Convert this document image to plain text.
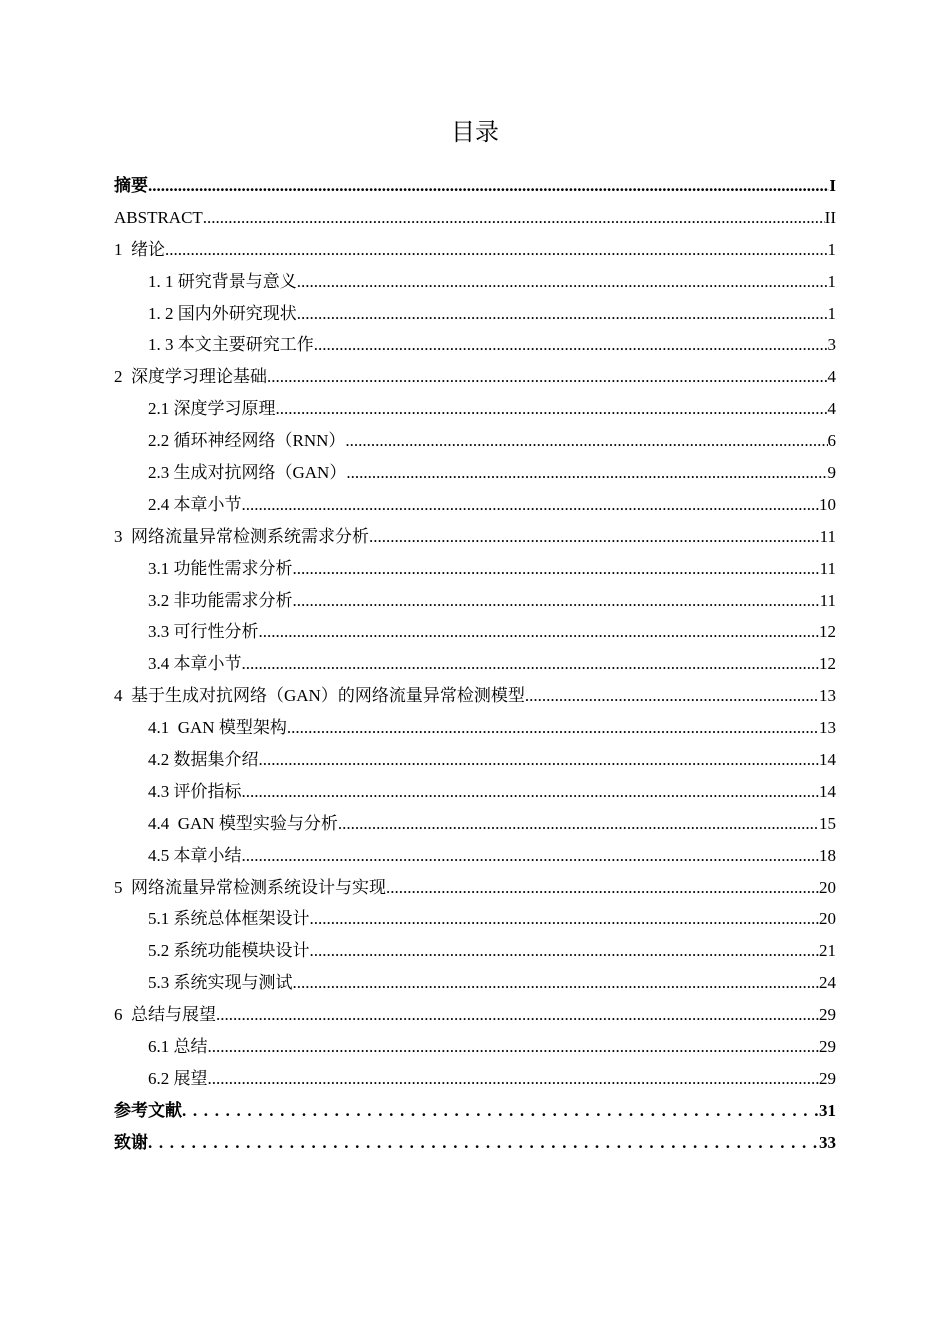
目录
摘要 .....	I
ABSTRACT .....	II
1  绪论 .....	1
1. 1 研究背景与意义 .....	1
1. 2 国内外研究现状 .....	1
1. 3 本文主要研究工作 .....	3
2  深度学习理论基础 .....	4
2.1 深度学习原理 .....	4
2.2 循环神经网络（RNN） .....	6
2.3 生成对抗网络（GAN） .....	9
2.4 本章小节 .....	10
3  网络流量异常检测系统需求分析 .....	11
3.1 功能性需求分析 .....	11
3.2 非功能需求分析 .....	11
3.3 可行性分析 .....	12
3.4 本章小节 .....	12
4  基于生成对抗网络（GAN）的网络流量异常检测模型 .....	13
4.1  GAN 模型架构 .....	13
4.2 数据集介绍 .....	14
4.3 评价指标 .....	14
4.4  GAN 模型实验与分析 .....	15
4.5 本章小结 .....	18
5  网络流量异常检测系统设计与实现 .....	20
5.1 系统总体框架设计 .....	20
5.2 系统功能模块设计 .....	21
5.3 系统实现与测试 .....	24
6  总结与展望 .....	29
6.1 总结 .....	29
6.2 展望 .....	29
参考文献 . . .	31
致谢 . . .	33
